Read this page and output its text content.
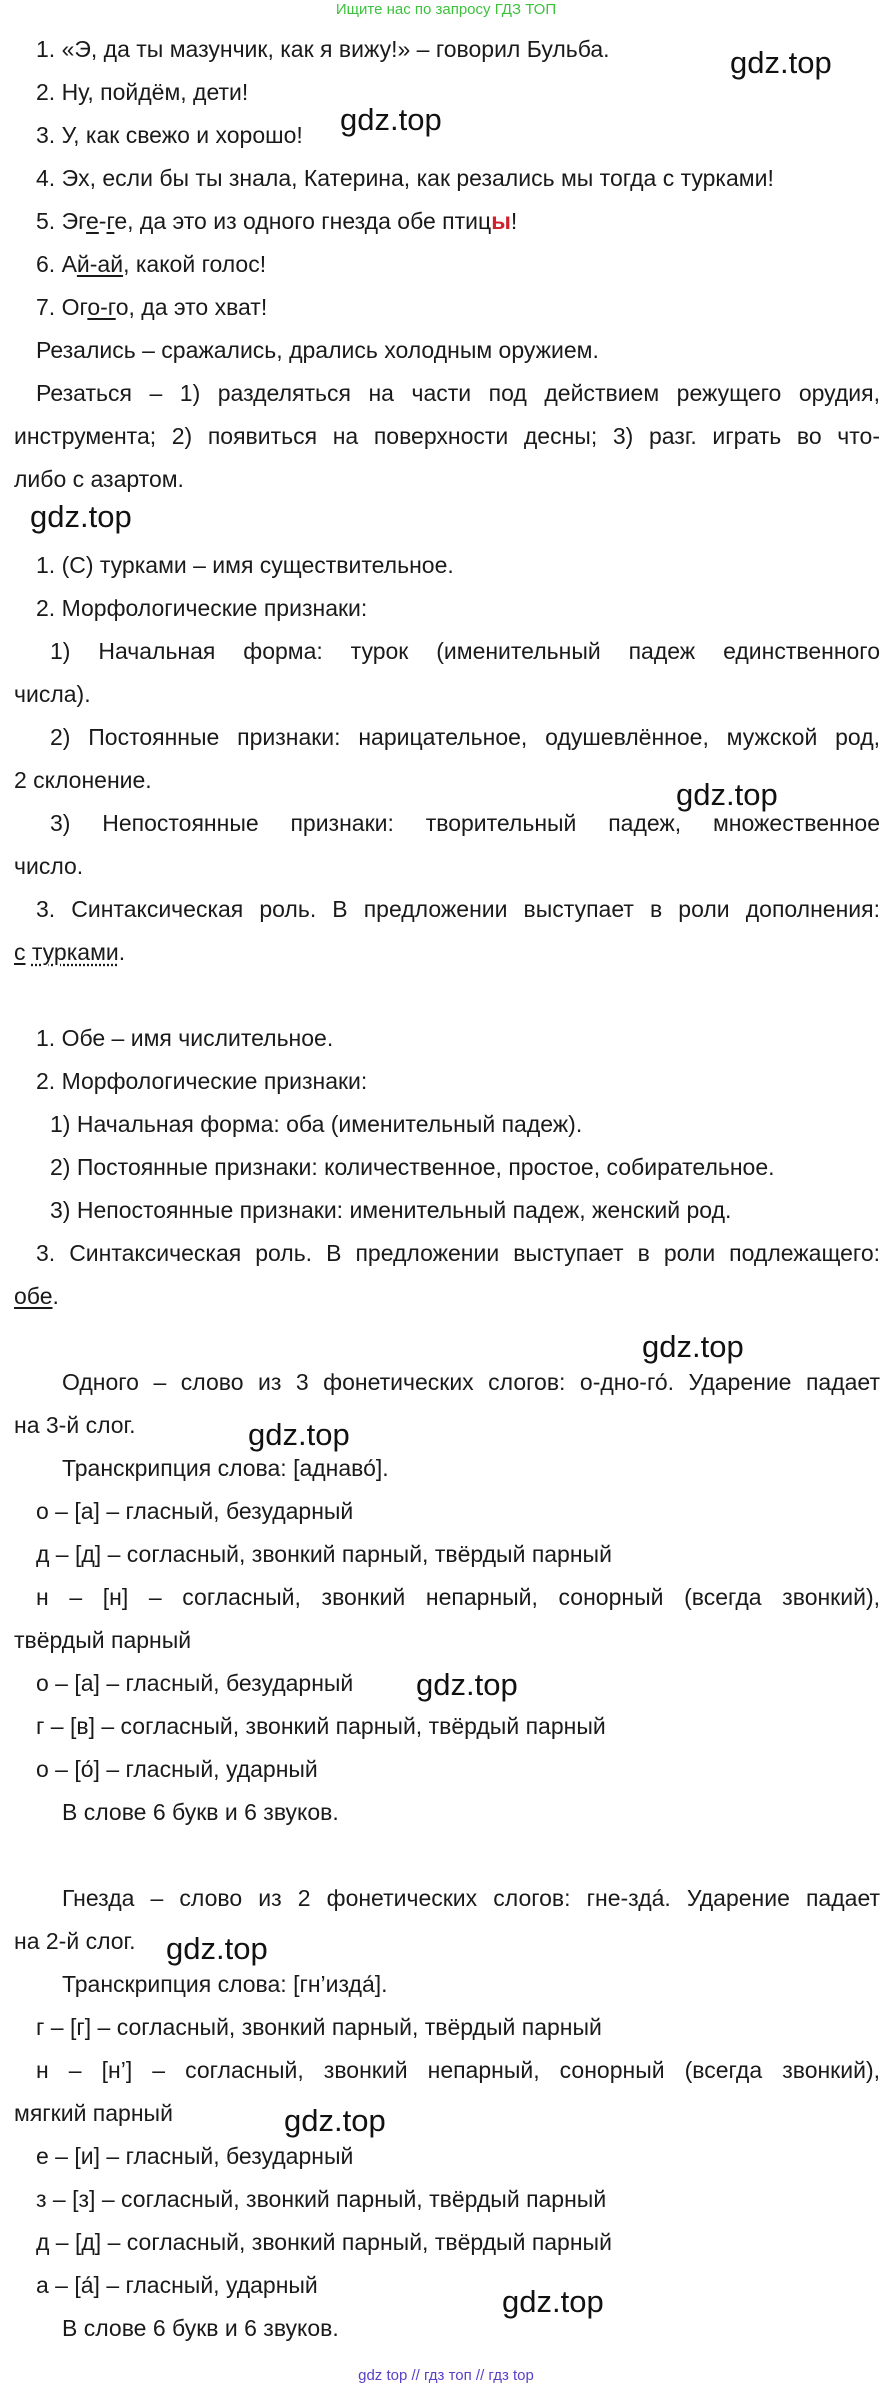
Ищите нас по запросу ГДЗ ТОП
1. «Э, да ты мазунчик, как я вижу!» – говорил Бульба.
2. Ну, пойдём, дети!
3. У, как свежо и хорошо!
4. Эх, если бы ты знала, Катерина, как резались мы тогда с турками!
5. Эге-ге, да это из одного гнезда обе птицы!
6. Ай-ай, какой голос!
7. Ого-го, да это хват!
Резались – сражались, дрались холодным оружием.
Резаться – 1) разделяться на части под действием режущего орудия,
инструмента; 2) появиться на поверхности десны; 3) разг. играть во что-
либо с азартом.
1. (С) турками – имя существительное.
2. Морфологические признаки:
1) Начальная форма: турок (именительный падеж единственного
числа).
2) Постоянные признаки: нарицательное, одушевлённое, мужской род,
2 склонение.
3) Непостоянные признаки: творительный падеж, множественное
число.
3. Синтаксическая роль. В предложении выступает в роли дополнения:
с турками.
1. Обе – имя числительное.
2. Морфологические признаки:
1) Начальная форма: оба (именительный падеж).
2) Постоянные признаки: количественное, простое, собирательное.
3) Непостоянные признаки: именительный падеж, женский род.
3. Синтаксическая роль. В предложении выступает в роли подлежащего:
обе.
Одного – слово из 3 фонетических слогов: о-дно-го́. Ударение падает
на 3-й слог.
Транскрипция слова: [аднаво́].
о – [а] – гласный, безударный
д – [д] – согласный, звонкий парный, твёрдый парный
н – [н] – согласный, звонкий непарный, сонорный (всегда звонкий),
твёрдый парный
о – [а] – гласный, безударный
г – [в] – согласный, звонкий парный, твёрдый парный
о – [о́] – гласный, ударный
В слове 6 букв и 6 звуков.
Гнезда – слово из 2 фонетических слогов: гне-зда́. Ударение падает
на 2-й слог.
Транскрипция слова: [гн’изда́].
г – [г] – согласный, звонкий парный, твёрдый парный
н – [н’] – согласный, звонкий непарный, сонорный (всегда звонкий),
мягкий парный
е – [и] – гласный, безударный
з – [з] – согласный, звонкий парный, твёрдый парный
д – [д] – согласный, звонкий парный, твёрдый парный
а – [а́] – гласный, ударный
В слове 6 букв и 6 звуков.
gdz.top
gdz.top
gdz.top
gdz.top
gdz.top
gdz.top
gdz.top
gdz.top
gdz.top
gdz.top
gdz top // гдз топ // гдз top
